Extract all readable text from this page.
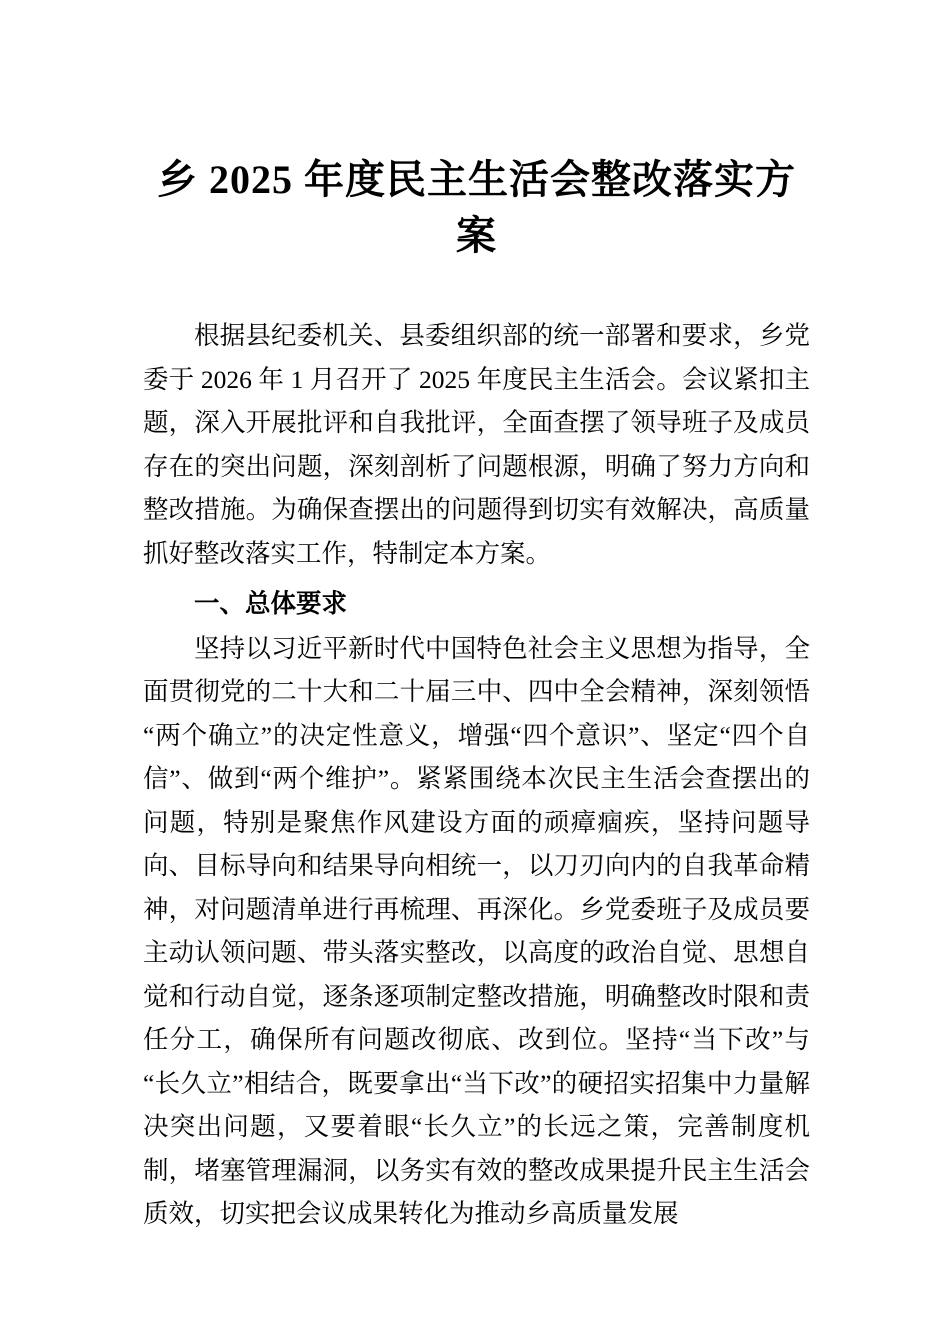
乡 2025 年度民主生活会整改落实方案

根据县纪委机关、县委组织部的统一部署和要求，乡党委于 2026 年 1 月召开了 2025 年度民主生活会。会议紧扣主题，深入开展批评和自我批评，全面查摆了领导班子及成员存在的突出问题，深刻剖析了问题根源，明确了努力方向和整改措施。为确保查摆出的问题得到切实有效解决，高质量抓好整改落实工作，特制定本方案。

一、总体要求

坚持以习近平新时代中国特色社会主义思想为指导，全面贯彻党的二十大和二十届三中、四中全会精神，深刻领悟“两个确立”的决定性意义，增强“四个意识”、坚定“四个自信”、做到“两个维护”。紧紧围绕本次民主生活会查摆出的问题，特别是聚焦作风建设方面的顽瘴痼疾，坚持问题导向、目标导向和结果导向相统一，以刀刃向内的自我革命精神，对问题清单进行再梳理、再深化。乡党委班子及成员要主动认领问题、带头落实整改，以高度的政治自觉、思想自觉和行动自觉，逐条逐项制定整改措施，明确整改时限和责任分工，确保所有问题改彻底、改到位。坚持“当下改”与“长久立”相结合，既要拿出“当下改”的硬招实招集中力量解决突出问题，又要着眼“长久立”的长远之策，完善制度机制，堵塞管理漏洞，以务实有效的整改成果提升民主生活会质效，切实把会议成果转化为推动乡高质量发展
